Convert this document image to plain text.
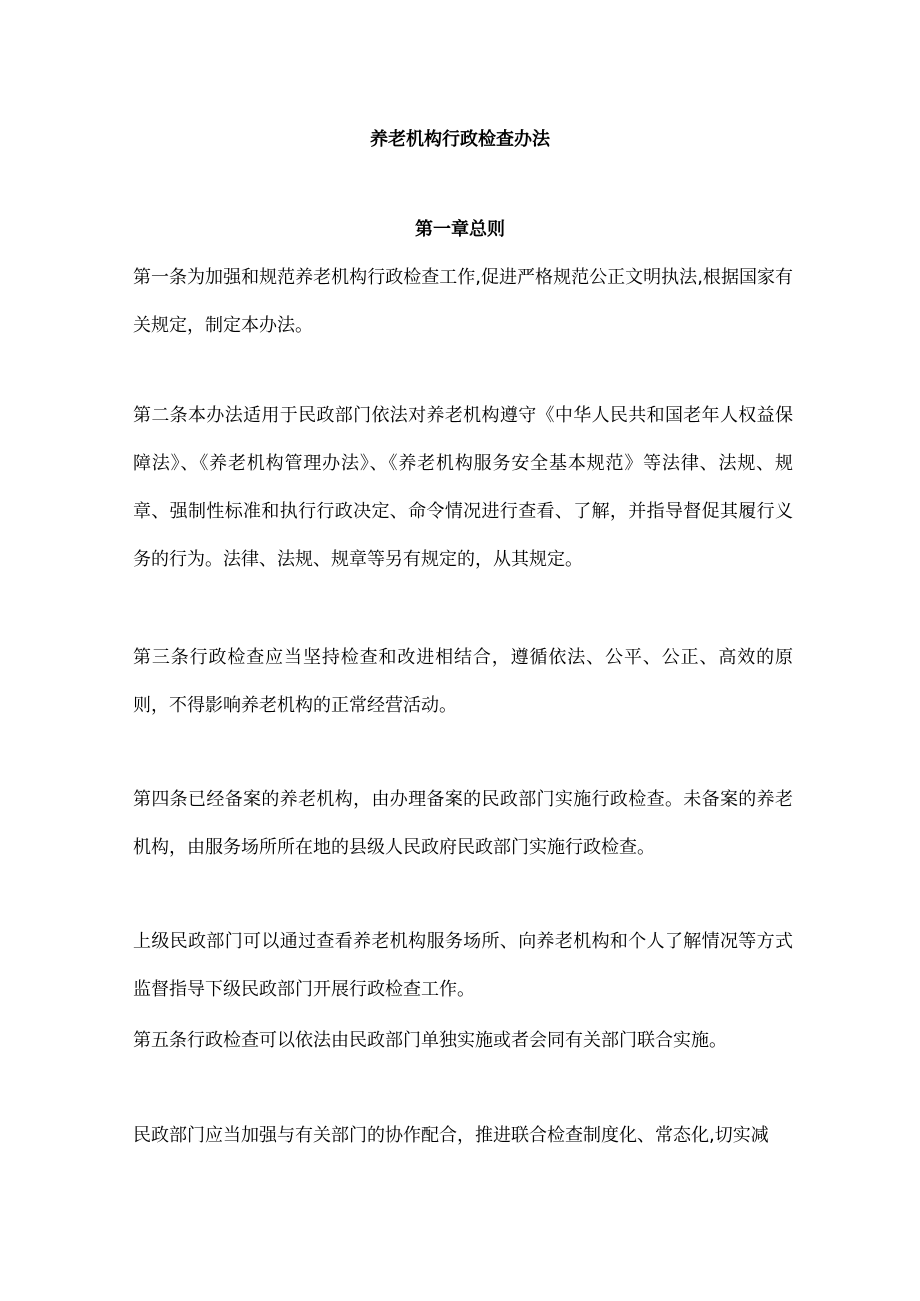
养老机构行政检查办法
第一章总则

第一条为加强和规范养老机构行政检查工作,促进严格规范公正文明执法,根据国家有关规定，制定本办法。

第二条本办法适用于民政部门依法对养老机构遵守《中华人民共和国老年人权益保障法》、《养老机构管理办法》、《养老机构服务安全基本规范》等法律、法规、规章、强制性标准和执行行政决定、命令情况进行查看、了解，并指导督促其履行义务的行为。法律、法规、规章等另有规定的，从其规定。

第三条行政检查应当坚持检查和改进相结合，遵循依法、公平、公正、高效的原则，不得影响养老机构的正常经营活动。

第四条已经备案的养老机构，由办理备案的民政部门实施行政检查。未备案的养老机构，由服务场所所在地的县级人民政府民政部门实施行政检查。

上级民政部门可以通过查看养老机构服务场所、向养老机构和个人了解情况等方式监督指导下级民政部门开展行政检查工作。

第五条行政检查可以依法由民政部门单独实施或者会同有关部门联合实施。

民政部门应当加强与有关部门的协作配合，推进联合检查制度化、常态化,切实减
